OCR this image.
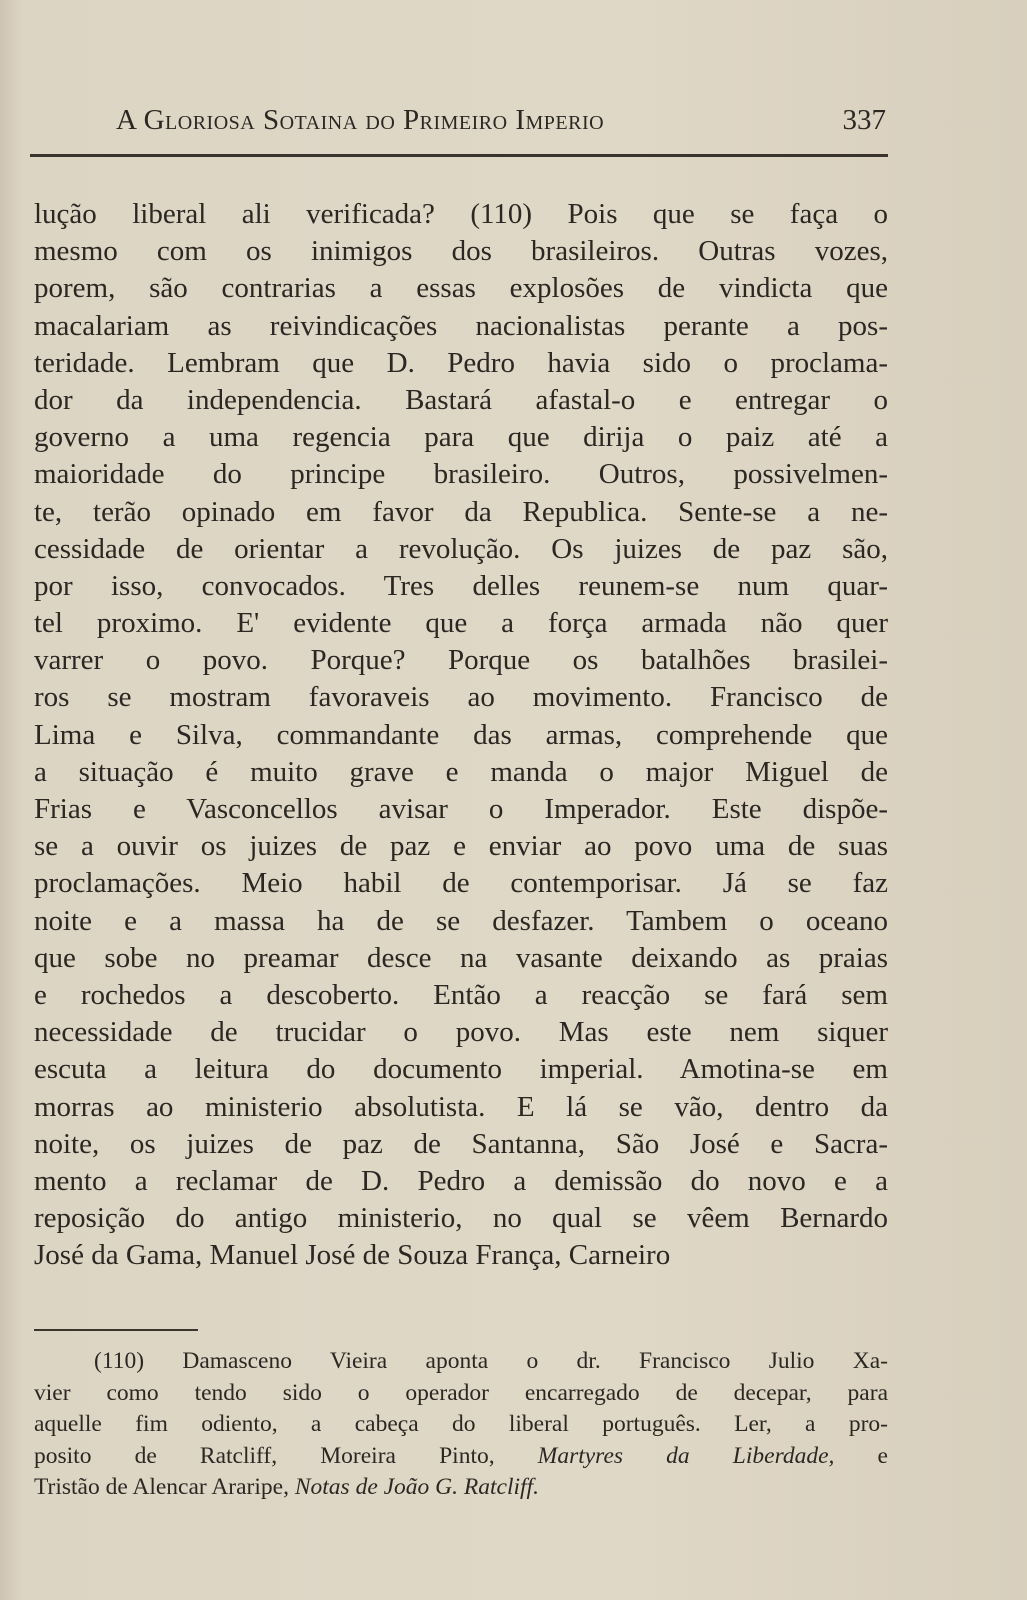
A Gloriosa Sotaina do Primeiro Imperio	337
lução liberal ali verificada? (110) Pois que se faça o
mesmo com os inimigos dos brasileiros. Outras vozes,
porem, são contrarias a essas explosões de vindicta que
macalariam as reivindicações nacionalistas perante a pos-
teridade. Lembram que D. Pedro havia sido o proclama-
dor da independencia. Bastará afastal-o e entregar o
governo a uma regencia para que dirija o paiz até a
maioridade do principe brasileiro. Outros, possivelmen-
te, terão opinado em favor da Republica. Sente-se a ne-
cessidade de orientar a revolução. Os juizes de paz são,
por isso, convocados. Tres delles reunem-se num quar-
tel proximo. E' evidente que a força armada não quer
varrer o povo. Porque? Porque os batalhões brasilei-
ros se mostram favoraveis ao movimento. Francisco de
Lima e Silva, commandante das armas, comprehende que
a situação é muito grave e manda o major Miguel de
Frias e Vasconcellos avisar o Imperador. Este dispõe-
se a ouvir os juizes de paz e enviar ao povo uma de suas
proclamações. Meio habil de contemporisar. Já se faz
noite e a massa ha de se desfazer. Tambem o oceano
que sobe no preamar desce na vasante deixando as praias
e rochedos a descoberto. Então a reacção se fará sem
necessidade de trucidar o povo. Mas este nem siquer
escuta a leitura do documento imperial. Amotina-se em
morras ao ministerio absolutista. E lá se vão, dentro da
noite, os juizes de paz de Santanna, São José e Sacra-
mento a reclamar de D. Pedro a demissão do novo e a
reposição do antigo ministerio, no qual se vêem Bernardo
José da Gama, Manuel José de Souza França, Carneiro
(110) Damasceno Vieira aponta o dr. Francisco Julio Xa-
vier como tendo sido o operador encarregado de decepar, para
aquelle fim odiento, a cabeça do liberal português. Ler, a pro-
posito de Ratcliff, Moreira Pinto, Martyres da Liberdade, e
Tristão de Alencar Araripe, Notas de João G. Ratcliff.
